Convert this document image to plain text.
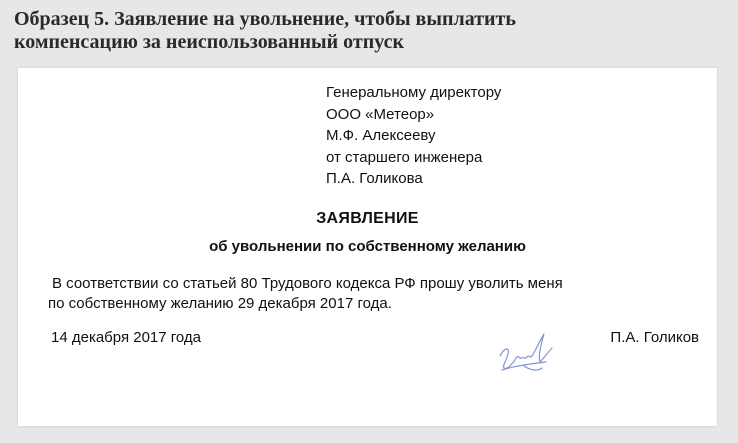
Образец 5. Заявление на увольнение, чтобы выплатить
компенсацию за неиспользованный отпуск
Генеральному директору
ООО «Метеор»
М.Ф. Алексееву
от старшего инженера
П.А. Голикова
ЗАЯВЛЕНИЕ
об увольнении по собственному желанию
В соответствии со статьей 80 Трудового кодекса РФ прошу уволить меня
по собственному желанию 29 декабря 2017 года.
14 декабря 2017 года	П.А. Голиков
